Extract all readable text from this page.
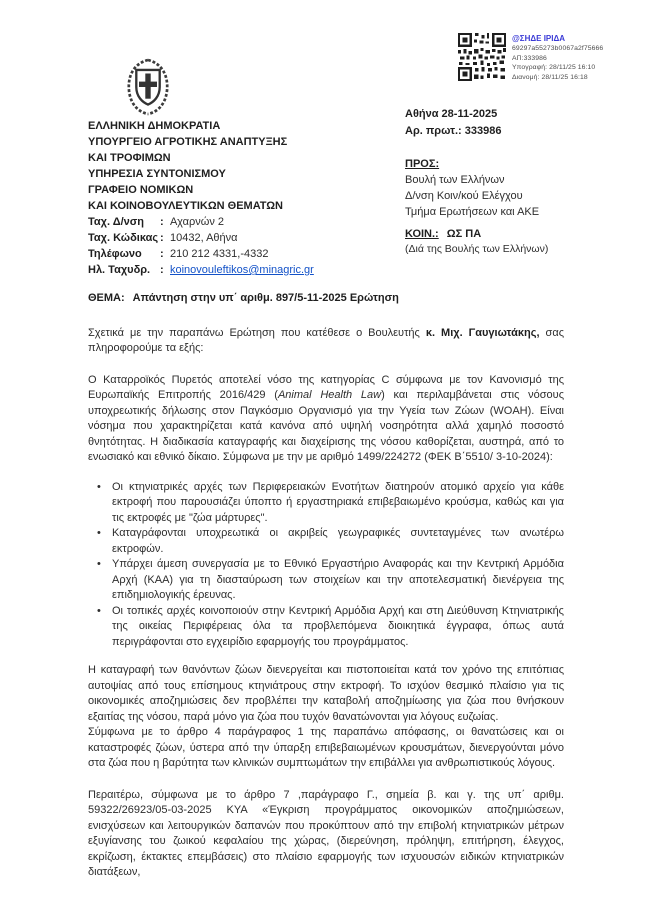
@ΣΗΔΕ ΙΡΙΔΑ
69297a55273b0067a2f75666
ΑΠ:333986
Υπογραφή: 28/11/25 16:10
Διανομή: 28/11/25 16:18
ΕΛΛΗΝΙΚΗ ΔΗΜΟΚΡΑΤΙΑ
ΥΠΟΥΡΓΕΙΟ ΑΓΡΟΤΙΚΗΣ ΑΝΑΠΤΥΞΗΣ
ΚΑΙ ΤΡΟΦΙΜΩΝ
ΥΠΗΡΕΣΙΑ ΣΥΝΤΟΝΙΣΜΟΥ
ΓΡΑΦΕΙΟ ΝΟΜΙΚΩΝ
ΚΑΙ ΚΟΙΝΟΒΟΥΛΕΥΤΙΚΩΝ ΘΕΜΑΤΩΝ
Ταχ. Δ/νση	: Αχαρνών 2
Ταχ. Κώδικας : 10432, Αθήνα
Τηλέφωνο	: 210 212 4331,-4332
Ηλ. Ταχυδρ. : koinovouleftikos@minagric.gr
Αθήνα 28-11-2025
Αρ. πρωτ.: 333986
ΠΡΟΣ:
Βουλή των Ελλήνων
Δ/νση Κοιν/κού Ελέγχου
Τμήμα Ερωτήσεων και ΑΚΕ
ΚΟΙΝ.: ΩΣ ΠΑ
(Διά της Βουλής των Ελλήνων)
ΘΕΜΑ: Απάντηση στην υπ΄ αριθμ. 897/5-11-2025 Ερώτηση
Σχετικά με την παραπάνω Ερώτηση που κατέθεσε ο Βουλευτής κ. Μιχ. Γαυγιωτάκης, σας πληροφορούμε τα εξής:
Ο Καταρροϊκός Πυρετός αποτελεί νόσο της κατηγορίας C σύμφωνα με τον Κανονισμό της Ευρωπαϊκής Επιτροπής 2016/429 (Animal Health Law) και περιλαμβάνεται στις νόσους υποχρεωτικής δήλωσης στον Παγκόσμιο Οργανισμό για την Υγεία των Ζώων (WOAH). Είναι νόσημα που χαρακτηρίζεται κατά κανόνα από υψηλή νοσηρότητα αλλά χαμηλό ποσοστό θνητότητας. Η διαδικασία καταγραφής και διαχείρισης της νόσου καθορίζεται, αυστηρά, από το ενωσιακό και εθνικό δίκαιο. Σύμφωνα με την με αριθμό 1499/224272 (ΦΕΚ Β΄5510/ 3-10-2024):
• Οι κτηνιατρικές αρχές των Περιφερειακών Ενοτήτων διατηρούν ατομικό αρχείο για κάθε εκτροφή που παρουσιάζει ύποπτο ή εργαστηριακά επιβεβαιωμένο κρούσμα, καθώς και για τις εκτροφές με "ζώα μάρτυρες".
• Καταγράφονται υποχρεωτικά οι ακριβείς γεωγραφικές συντεταγμένες των ανωτέρω εκτροφών.
• Υπάρχει άμεση συνεργασία με το Εθνικό Εργαστήριο Αναφοράς και την Κεντρική Αρμόδια Αρχή (ΚΑΑ) για τη διασταύρωση των στοιχείων και την αποτελεσματική διενέργεια της επιδημιολογικής έρευνας.
• Οι τοπικές αρχές κοινοποιούν στην Κεντρική Αρμόδια Αρχή και στη Διεύθυνση Κτηνιατρικής της οικείας Περιφέρειας όλα τα προβλεπόμενα διοικητικά έγγραφα, όπως αυτά περιγράφονται στο εγχειρίδιο εφαρμογής του προγράμματος.
Η καταγραφή των θανόντων ζώων διενεργείται και πιστοποιείται κατά τον χρόνο της επιτόπιας αυτοψίας από τους επίσημους κτηνιάτρους στην εκτροφή. Το ισχύον θεσμικό πλαίσιο για τις οικονομικές αποζημιώσεις δεν προβλέπει την καταβολή αποζημίωσης για ζώα που θνήσκουν εξαιτίας της νόσου, παρά μόνο για ζώα που τυχόν θανατώνονται για λόγους ευζωίας.
Σύμφωνα με το άρθρο 4 παράγραφος 1 της παραπάνω απόφασης, οι θανατώσεις και οι καταστροφές ζώων, ύστερα από την ύπαρξη επιβεβαιωμένων κρουσμάτων, διενεργούνται μόνο στα ζώα που η βαρύτητα των κλινικών συμπτωμάτων την επιβάλλει για ανθρωπιστικούς λόγους.
Περαιτέρω, σύμφωνα με το άρθρο 7 ,παράγραφο Γ., σημεία β. και γ. της υπ΄ αριθμ. 59322/26923/05-03-2025 ΚΥΑ «Έγκριση προγράμματος οικονομικών αποζημιώσεων, ενισχύσεων και λειτουργικών δαπανών που προκύπτουν από την επιβολή κτηνιατρικών μέτρων εξυγίανσης του ζωικού κεφαλαίου της χώρας, (διερεύνηση, πρόληψη, επιτήρηση, έλεγχος, εκρίζωση, έκτακτες επεμβάσεις) στο πλαίσιο εφαρμογής των ισχυουσών ειδικών κτηνιατρικών διατάξεων,
